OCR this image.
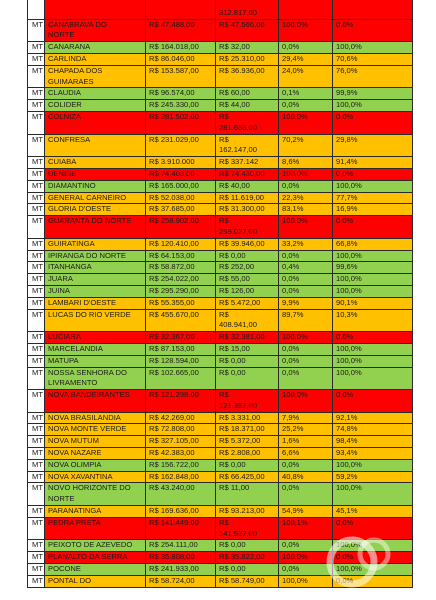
			312.817,00		

MT	CANABRAVA DO NORTE	R$ 47.488,00	R$ 47.566,00	100,0%	0,0%
MT	CANARANA	R$ 164.018,00	R$ 32,00	0,0%	100,0%
MT	CARLINDA	R$ 86.046,00	R$ 25.310,00	29,4%	70,6%
MT	CHAPADA DOS GUIMARAES	R$ 153.587,00	R$ 36.936,00	24,0%	76,0%
MT	CLAUDIA	R$ 96.574,00	R$ 60,00	0,1%	99,9%
MT	COLIDER	R$ 245.330,00	R$ 44,00	0,0%	100,0%
MT	COLNIZA	R$ 281.502,00	R$ 281.638,00	100,0%	0,0%
MT	CONFRESA	R$ 231.029,00	R$ 162.147,00	70,2%	29,8%
MT	CUIABA	R$ 3.910.000	R$ 337.142	8,6%	91,4%
MT	DENISE	R$ 74.403,00	R$ 74.430,00	100,0%	0,0%
MT	DIAMANTINO	R$ 165.000,00	R$ 40,00	0,0%	100,0%
MT	GENERAL CARNEIRO	R$ 52.038,00	R$ 11.619,00	22,3%	77,7%
MT	GLORIA D'OESTE	R$ 37.685,00	R$ 31.300,00	83,1%	16,9%
MT	GUARANTA DO NORTE	R$ 258.902,00	R$ 259.027,00	100,0%	0,0%
MT	GUIRATINGA	R$ 120.410,00	R$ 39.946,00	33,2%	66,8%
MT	IPIRANGA DO NORTE	R$ 64.153,00	R$ 0,00	0,0%	100,0%
MT	ITANHANGA	R$ 58.872,00	R$ 252,00	0,4%	99,6%
MT	JUARA	R$ 254.022,00	R$ 55,00	0,0%	100,0%
MT	JUINA	R$ 295.290,00	R$ 126,00	0,0%	100,0%
MT	LAMBARI D'OESTE	R$ 55.355,00	R$ 5.472,00	9,9%	90,1%
MT	LUCAS DO RIO VERDE	R$ 455.670,00	R$ 408.941,00	89,7%	10,3%
MT	LUCIARA	R$ 32.367,00	R$ 32.381,00	100,0%	0,0%
MT	MARCELANDIA	R$ 87.153,00	R$ 15,00	0,0%	100,0%
MT	MATUPA	R$ 128.594,00	R$ 0,00	0,0%	100,0%
MT	NOSSA SENHORA DO LIVRAMENTO	R$ 102.665,00	R$ 0,00	0,0%	100,0%
MT	NOVA BANDEIRANTES	R$ 121.298,00	R$ 121.352,00	100,0%	0,0%
MT	NOVA BRASILANDIA	R$ 42.269,00	R$ 3.331,00	7,9%	92,1%
MT	NOVA MONTE VERDE	R$ 72.808,00	R$ 18.371,00	25,2%	74,8%
MT	NOVA MUTUM	R$ 327.105,00	R$ 5.372,00	1,6%	98,4%
MT	NOVA NAZARE	R$ 42.383,00	R$ 2.808,00	6,6%	93,4%
MT	NOVA OLIMPIA	R$ 156.722,00	R$ 0,00	0,0%	100,0%
MT	NOVA XAVANTINA	R$ 162.848,00	R$ 66.425,00	40,8%	59,2%
MT	NOVO HORIZONTE DO NORTE	R$ 43.240,00	R$ 11,00	0,0%	100,0%
MT	PARANATINGA	R$ 169.636,00	R$ 93.213,00	54,9%	45,1%
MT	PEDRA PRETA	R$ 141.449,00	R$ 141.527,00	100,1%	0,0%
MT	PEIXOTO DE AZEVEDO	R$ 254.111,00	R$ 0,00	0,0%	100,0%
MT	PLANALTO DA SERRA	R$ 35.808,00	R$ 35.822,00	100,0%	0,0%
MT	POCONE	R$ 241.933,00	R$ 0,00	0,0%	100,0%
MT	PONTAL DO	R$ 58.724,00	R$ 58.749,00	100,0%	0,0%
